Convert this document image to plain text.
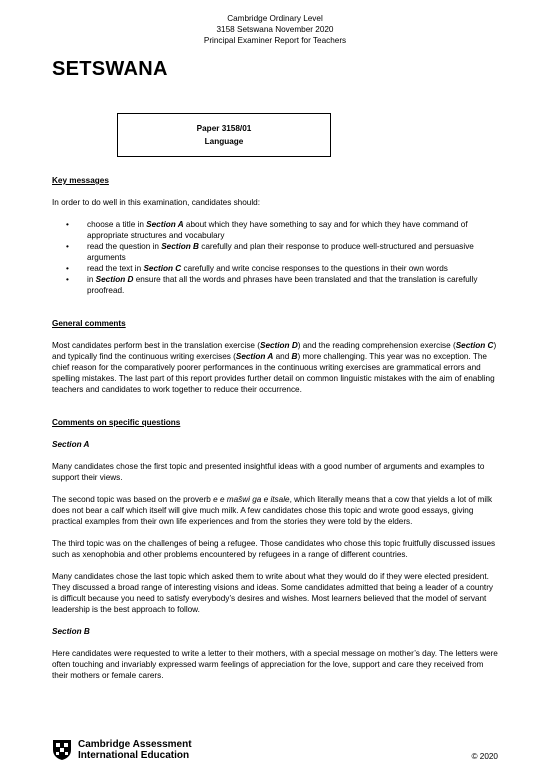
Cambridge Ordinary Level
3158 Setswana November 2020
Principal Examiner Report for Teachers
SETSWANA
Paper 3158/01
Language

Key messages

In order to do well in this examination, candidates should:

• choose a title in Section A about which they have something to say and for which they have command of appropriate structures and vocabulary
• read the question in Section B carefully and plan their response to produce well-structured and persuasive arguments
• read the text in Section C carefully and write concise responses to the questions in their own words
• in Section D ensure that all the words and phrases have been translated and that the translation is carefully proofread.

General comments

Most candidates perform best in the translation exercise (Section D) and the reading comprehension exercise (Section C) and typically find the continuous writing exercises (Section A and B) more challenging. This year was no exception. The chief reason for the comparatively poorer performances in the continuous writing exercises are grammatical errors and spelling mistakes. The last part of this report provides further detail on common linguistic mistakes with the aim of enabling teachers and candidates to work together to reduce their occurrence.

Comments on specific questions

Section A

Many candidates chose the first topic and presented insightful ideas with a good number of arguments and examples to support their views.

The second topic was based on the proverb e e mašwi ga e itsale, which literally means that a cow that yields a lot of milk does not bear a calf which itself will give much milk. A few candidates chose this topic and wrote good essays, giving practical examples from their own life experiences and from the stories they were told by the elders.

The third topic was on the challenges of being a refugee. Those candidates who chose this topic fruitfully discussed issues such as xenophobia and other problems encountered by refugees in a range of different countries.

Many candidates chose the last topic which asked them to write about what they would do if they were elected president. They discussed a broad range of interesting visions and ideas. Some candidates admitted that being a leader of a country is difficult because you need to satisfy everybody’s desires and wishes. Most learners believed that the model of servant leadership is the best approach to follow.

Section B

Here candidates were requested to write a letter to their mothers, with a special message on mother’s day. The letters were often touching and invariably expressed warm feelings of appreciation for the love, support and care they received from their mothers or female carers.

Cambridge Assessment
International Education	© 2020
